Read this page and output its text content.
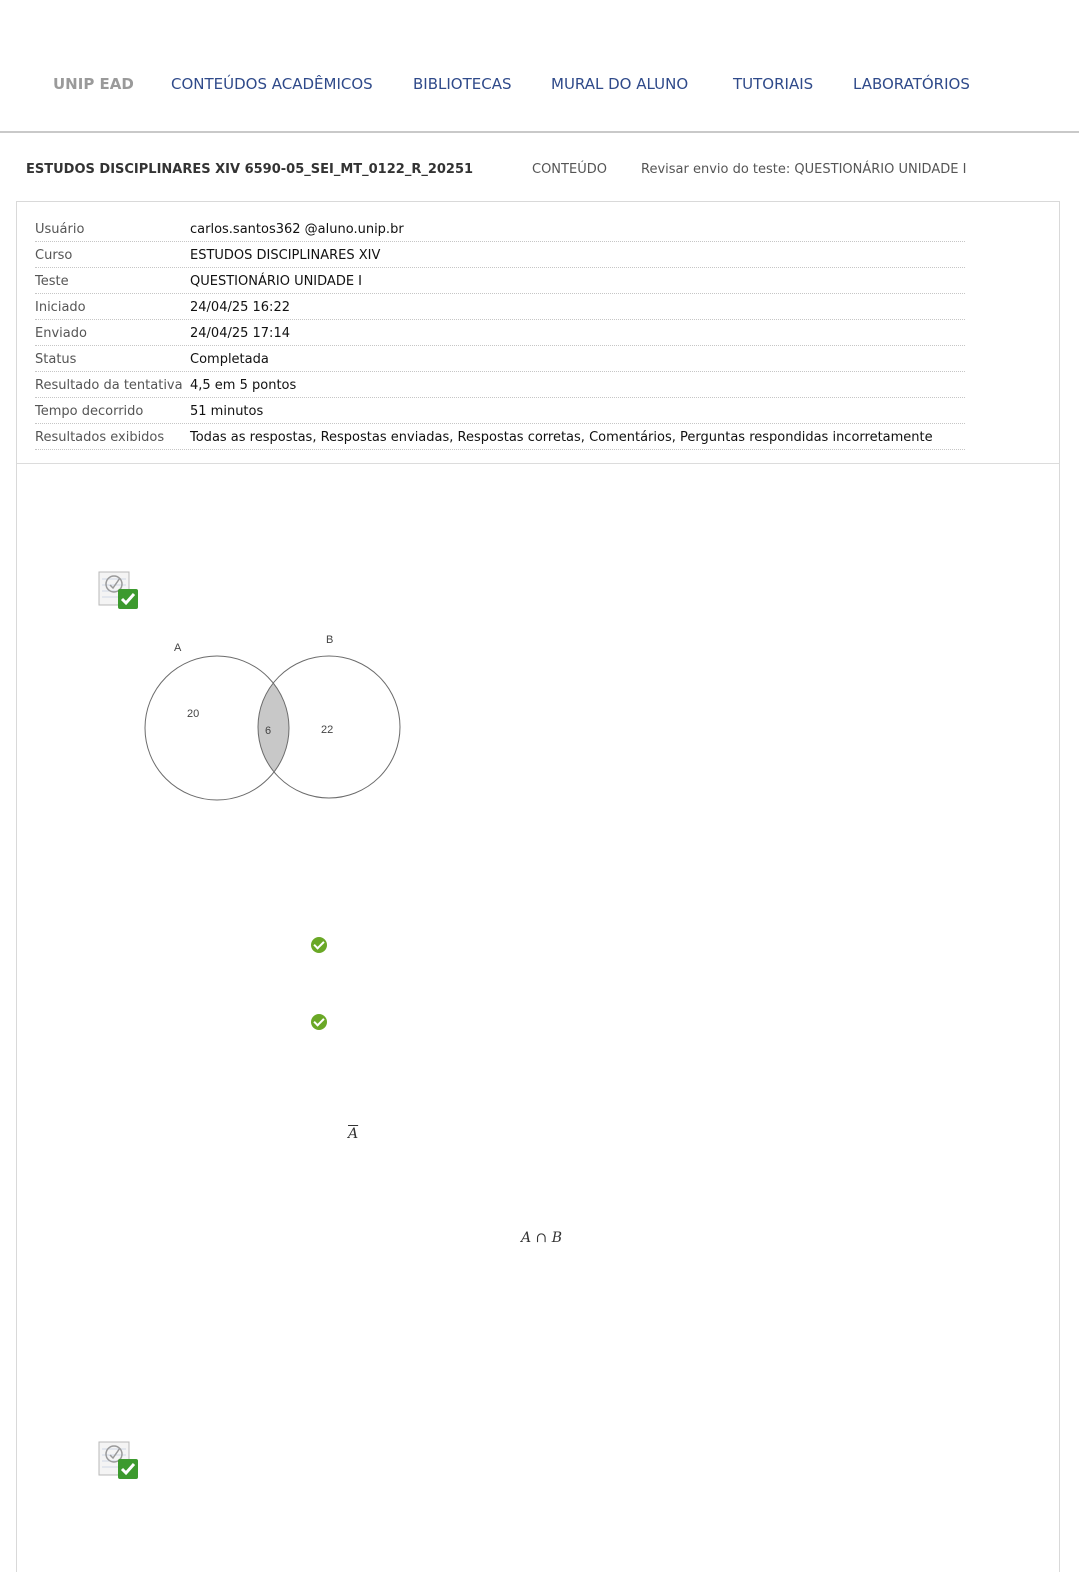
UNIP EAD CONTEÚDOS ACADÊMICOS	BIBLIOTECAS	MURAL DO ALUNO	TUTORIAIS	LABORATÓRIOS
ESTUDOS DISCIPLINARES XIV 6590-05_SEI_MT_0122_R_20251	CONTEÚDO	Revisar envio do teste: QUESTIONÁRIO UNIDADE I
Usuário	carlos.santos362 @aluno.unip.br
Curso	ESTUDOS DISCIPLINARES XIV
Teste	QUESTIONÁRIO UNIDADE I
Iniciado	24/04/25 16:22
Enviado	24/04/25 17:14
Status	Completada
Resultado da tentativa 4,5 em 5 pontos
Tempo decorrido	51 minutos
Resultados exibidos Todas as respostas, Respostas enviadas, Respostas corretas, Comentários, Perguntas respondidas incorretamente
A
B
20
6	22
$\overline{A}$
A ∩ B
